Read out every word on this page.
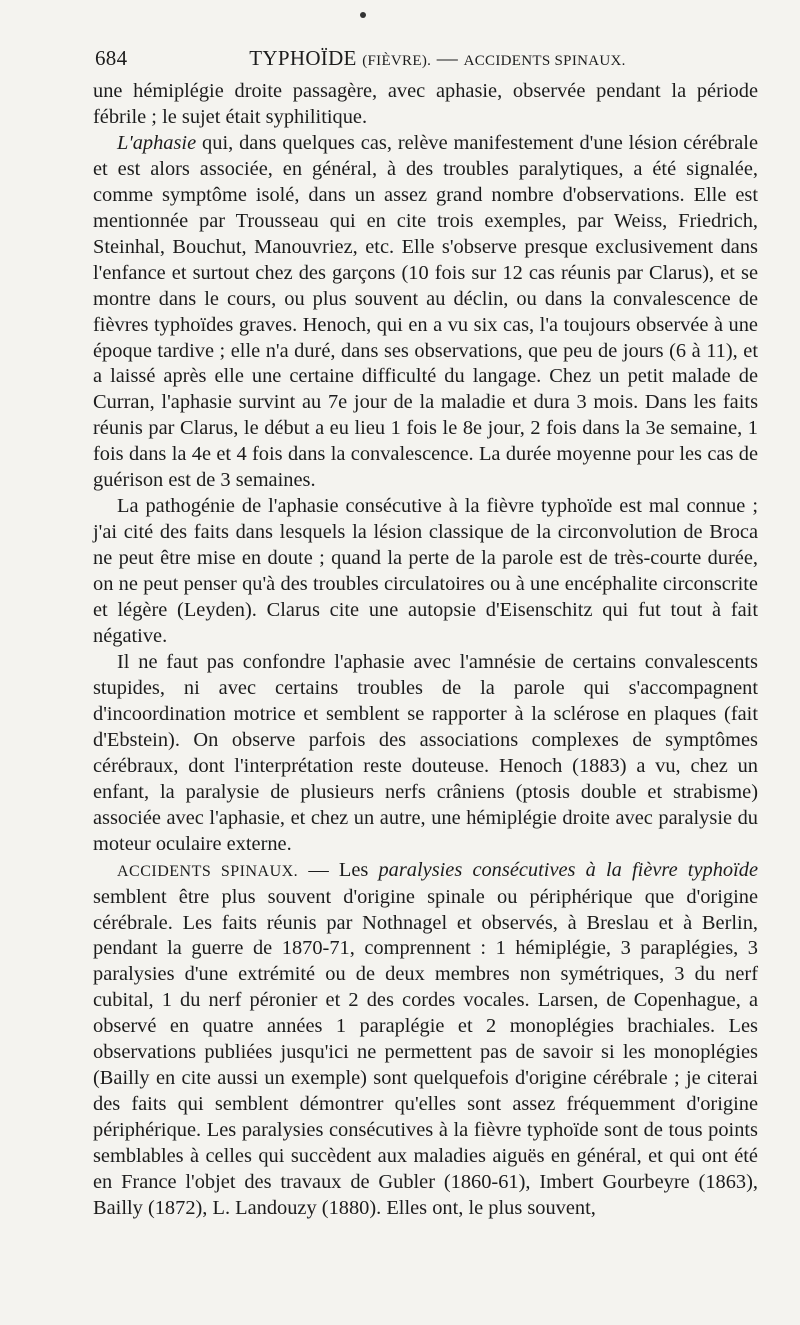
684	TYPHOÏDE (FIÈVRE). — ACCIDENTS SPINAUX.

une hémiplégie droite passagère, avec aphasie, observée pendant la période fébrile ; le sujet était syphilitique.

L'aphasie qui, dans quelques cas, relève manifestement d'une lésion cérébrale et est alors associée, en général, à des troubles paralytiques, a été signalée, comme symptôme isolé, dans un assez grand nombre d'observations. Elle est mentionnée par Trousseau qui en cite trois exemples, par Weiss, Friedrich, Steinhal, Bouchut, Manouvriez, etc. Elle s'observe presque exclusivement dans l'enfance et surtout chez des garçons (10 fois sur 12 cas réunis par Clarus), et se montre dans le cours, ou plus souvent au déclin, ou dans la convalescence de fièvres typhoïdes graves. Henoch, qui en a vu six cas, l'a toujours observée à une époque tardive ; elle n'a duré, dans ses observations, que peu de jours (6 à 11), et a laissé après elle une certaine difficulté du langage. Chez un petit malade de Curran, l'aphasie survint au 7e jour de la maladie et dura 3 mois. Dans les faits réunis par Clarus, le début a eu lieu 1 fois le 8e jour, 2 fois dans la 3e semaine, 1 fois dans la 4e et 4 fois dans la convalescence. La durée moyenne pour les cas de guérison est de 3 semaines.

La pathogénie de l'aphasie consécutive à la fièvre typhoïde est mal connue ; j'ai cité des faits dans lesquels la lésion classique de la circonvolution de Broca ne peut être mise en doute ; quand la perte de la parole est de très-courte durée, on ne peut penser qu'à des troubles circulatoires ou à une encéphalite circonscrite et légère (Leyden). Clarus cite une autopsie d'Eisenschitz qui fut tout à fait négative.

Il ne faut pas confondre l'aphasie avec l'amnésie de certains convalescents stupides, ni avec certains troubles de la parole qui s'accompagnent d'incoordination motrice et semblent se rapporter à la sclérose en plaques (fait d'Ebstein). On observe parfois des associations complexes de symptômes cérébraux, dont l'interprétation reste douteuse. Henoch (1883) a vu, chez un enfant, la paralysie de plusieurs nerfs crâniens (ptosis double et strabisme) associée avec l'aphasie, et chez un autre, une hémiplégie droite avec paralysie du moteur oculaire externe.

ACCIDENTS SPINAUX. — Les paralysies consécutives à la fièvre typhoïde semblent être plus souvent d'origine spinale ou périphérique que d'origine cérébrale. Les faits réunis par Nothnagel et observés, à Breslau et à Berlin, pendant la guerre de 1870-71, comprennent : 1 hémiplégie, 3 paraplégies, 3 paralysies d'une extrémité ou de deux membres non symétriques, 3 du nerf cubital, 1 du nerf péronier et 2 des cordes vocales. Larsen, de Copenhague, a observé en quatre années 1 paraplégie et 2 monoplégies brachiales. Les observations publiées jusqu'ici ne permettent pas de savoir si les monoplégies (Bailly en cite aussi un exemple) sont quelquefois d'origine cérébrale ; je citerai des faits qui semblent démontrer qu'elles sont assez fréquemment d'origine périphérique. Les paralysies consécutives à la fièvre typhoïde sont de tous points semblables à celles qui succèdent aux maladies aiguës en général, et qui ont été en France l'objet des travaux de Gubler (1860-61), Imbert Gourbeyre (1863), Bailly (1872), L. Landouzy (1880). Elles ont, le plus souvent,
